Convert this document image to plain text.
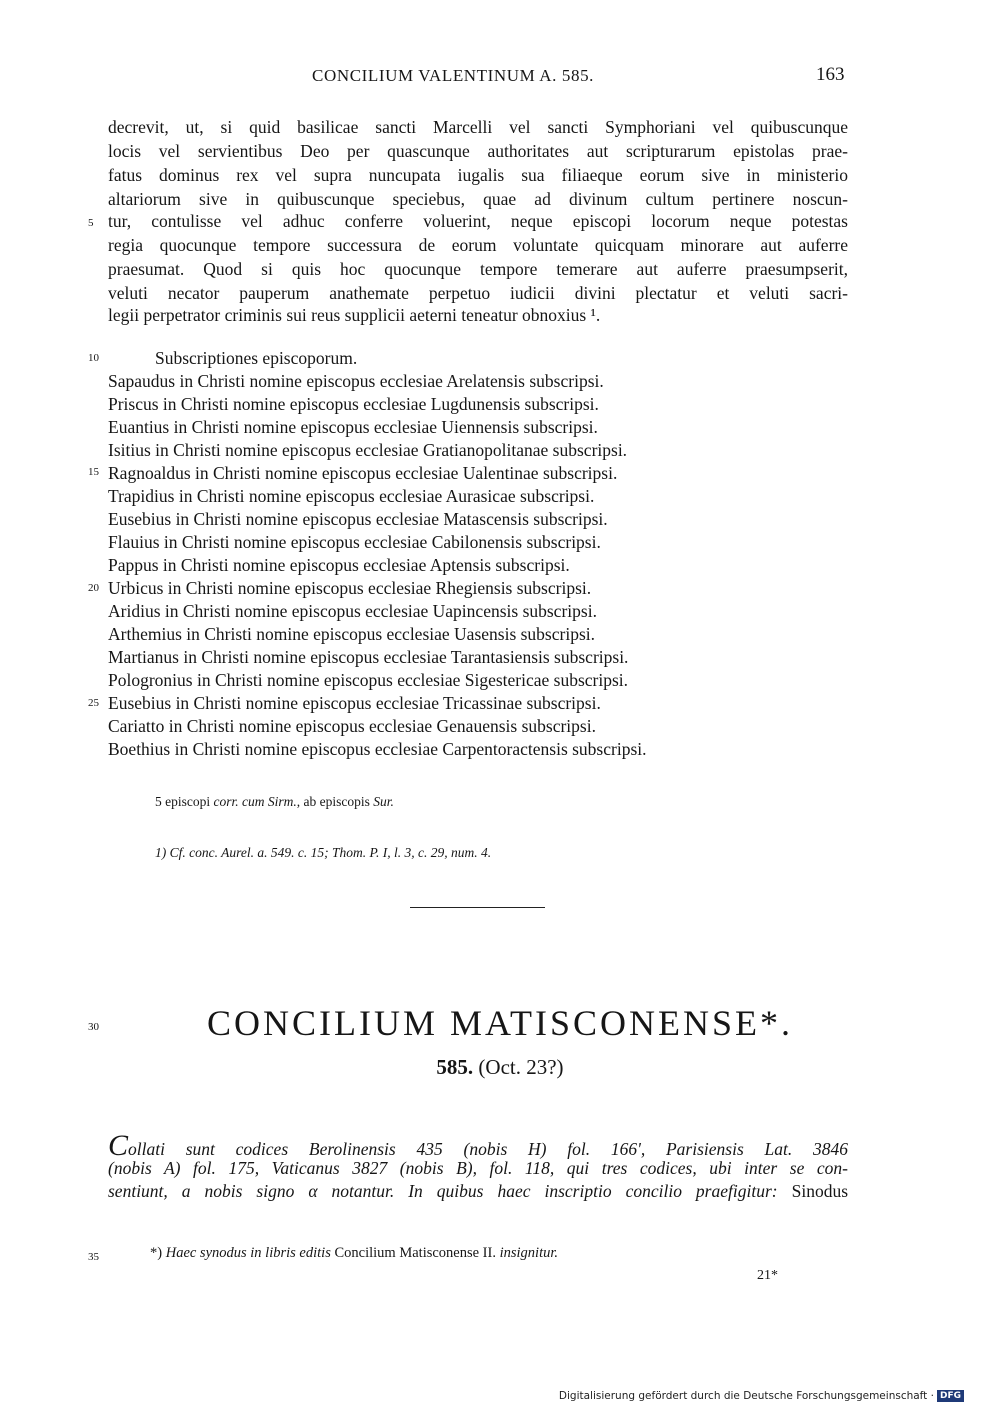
CONCILIUM VALENTINUM A. 585.	163
decrevit, ut, si quid basilicae sancti Marcelli vel sancti Symphoriani vel quibuscunque
locis vel servientibus Deo per quascunque authoritates aut scripturarum epistolas prae-
fatus dominus rex vel supra nuncupata iugalis sua filiaeque eorum sive in ministerio
altariorum sive in quibuscunque speciebus, quae ad divinum cultum pertinere noscun-
tur, contulisse vel adhuc conferre voluerint, neque episcopi locorum neque potestas
regia quocunque tempore successura de eorum voluntate quicquam minorare aut auferre
praesumat. Quod si quis hoc quocunque tempore temerare aut auferre praesumpserit,
veluti necator pauperum anathemate perpetuo iudicii divini plectatur et veluti sacri-
legii perpetrator criminis sui reus supplicii aeterni teneatur obnoxius ¹.
5
10
15
20
25
30
35
Subscriptiones episcoporum.
Sapaudus in Christi nomine episcopus ecclesiae Arelatensis subscripsi.
Priscus in Christi nomine episcopus ecclesiae Lugdunensis subscripsi.
Euantius in Christi nomine episcopus ecclesiae Uiennensis subscripsi.
Isitius in Christi nomine episcopus ecclesiae Gratianopolitanae subscripsi.
Ragnoaldus in Christi nomine episcopus ecclesiae Ualentinae subscripsi.
Trapidius in Christi nomine episcopus ecclesiae Aurasicae subscripsi.
Eusebius in Christi nomine episcopus ecclesiae Matascensis subscripsi.
Flauius in Christi nomine episcopus ecclesiae Cabilonensis subscripsi.
Pappus in Christi nomine episcopus ecclesiae Aptensis subscripsi.
Urbicus in Christi nomine episcopus ecclesiae Rhegiensis subscripsi.
Aridius in Christi nomine episcopus ecclesiae Uapincensis subscripsi.
Arthemius in Christi nomine episcopus ecclesiae Uasensis subscripsi.
Martianus in Christi nomine episcopus ecclesiae Tarantasiensis subscripsi.
Pologronius in Christi nomine episcopus ecclesiae Sigestericae subscripsi.
Eusebius in Christi nomine episcopus ecclesiae Tricassinae subscripsi.
Cariatto in Christi nomine episcopus ecclesiae Genauensis subscripsi.
Boethius in Christi nomine episcopus ecclesiae Carpentoractensis subscripsi.
5 episcopi corr. cum Sirm., ab episcopis Sur.
1) Cf. conc. Aurel. a. 549. c. 15; Thom. P. I, l. 3, c. 29, num. 4.
CONCILIUM MATISCONENSE*.
585. (Oct. 23?)
Collati sunt codices Berolinensis 435 (nobis H) fol. 166', Parisiensis Lat. 3846
(nobis A) fol. 175, Vaticanus 3827 (nobis B), fol. 118, qui tres codices, ubi inter se con-
sentiunt, a nobis signo α notantur. In quibus haec inscriptio concilio praefigitur: Sinodus
*) Haec synodus in libris editis Concilium Matisconense II. insignitur.
21*
Digitalisierung gefördert durch die Deutsche Forschungsgemeinschaft · DFG
